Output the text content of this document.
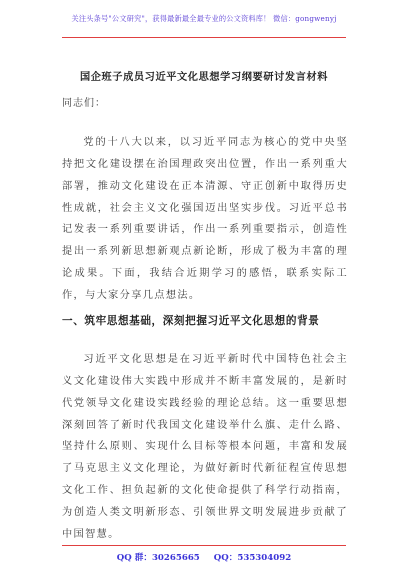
关注头条号"公文研究"，获得最新最全最专业的公文资料库！ 微信：gongwenyj
国企班子成员习近平文化思想学习纲要研讨发言材料
同志们：

党的十八大以来，以习近平同志为核心的党中央坚持把文化建设摆在治国理政突出位置，作出一系列重大部署，推动文化建设在正本清源、守正创新中取得历史性成就，社会主义文化强国迈出坚实步伐。习近平总书记发表一系列重要讲话，作出一系列重要指示，创造性提出一系列新思想新观点新论断，形成了极为丰富的理论成果。下面，我结合近期学习的感悟，联系实际工作，与大家分享几点想法。

一、筑牢思想基础，深刻把握习近平文化思想的背景

习近平文化思想是在习近平新时代中国特色社会主义文化建设伟大实践中形成并不断丰富发展的，是新时代党领导文化建设实践经验的理论总结。这一重要思想深刻回答了新时代我国文化建设举什么旗、走什么路、坚持什么原则、实现什么目标等根本问题，丰富和发展了马克思主义文化理论，为做好新时代新征程宣传思想文化工作、担负起新的文化使命提供了科学行动指南，为创造人类文明新形态、引领世界文明发展进步贡献了中国智慧。

QQ 群：30265665 QQ：535304092
